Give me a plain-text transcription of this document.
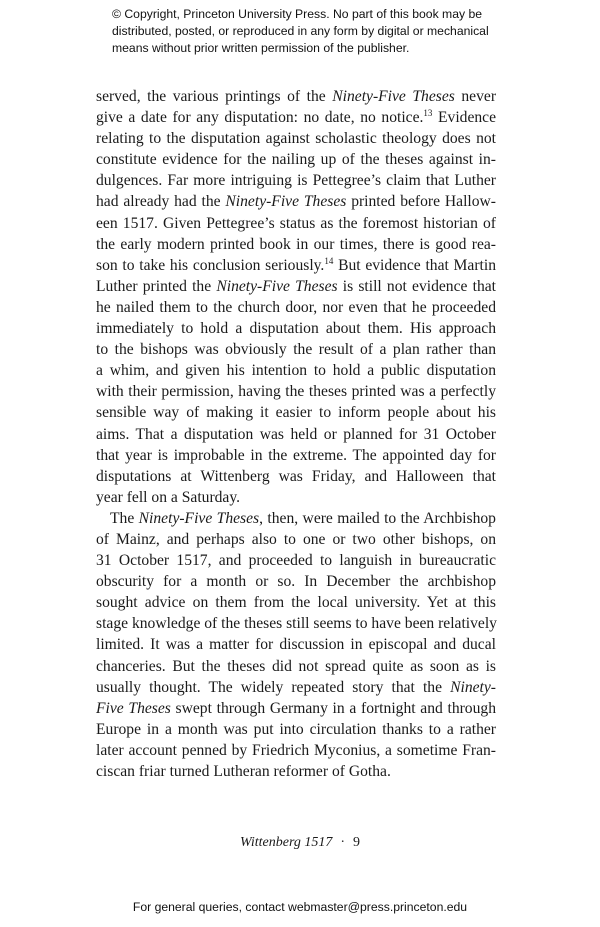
© Copyright, Princeton University Press. No part of this book may be
distributed, posted, or reproduced in any form by digital or mechanical
means without prior written permission of the publisher.
served, the various printings of the Ninety-Five Theses never
give a date for any disputation: no date, no notice.$^{13}$ Evidence
relating to the disputation against scholastic theology does not
constitute evidence for the nailing up of the theses against in-
dulgences. Far more intriguing is Pettegree’s claim that Luther
had already had the Ninety-Five Theses printed before Hallow-
een 1517. Given Pettegree’s status as the foremost historian of
the early modern printed book in our times, there is good rea-
son to take his conclusion seriously.$^{14}$ But evidence that Martin
Luther printed the Ninety-Five Theses is still not evidence that
he nailed them to the church door, nor even that he proceeded
immediately to hold a disputation about them. His approach
to the bishops was obviously the result of a plan rather than
a whim, and given his intention to hold a public disputation
with their permission, having the theses printed was a perfectly
sensible way of making it easier to inform people about his
aims. That a disputation was held or planned for 31 October
that year is improbable in the extreme. The appointed day for
disputations at Wittenberg was Friday, and Halloween that
year fell on a Saturday.
The Ninety-Five Theses, then, were mailed to the Archbishop
of Mainz, and perhaps also to one or two other bishops, on
31 October 1517, and proceeded to languish in bureaucratic
obscurity for a month or so. In December the archbishop
sought advice on them from the local university. Yet at this
stage knowledge of the theses still seems to have been relatively
limited. It was a matter for discussion in episcopal and ducal
chanceries. But the theses did not spread quite as soon as is
usually thought. The widely repeated story that the Ninety-
Five Theses swept through Germany in a fortnight and through
Europe in a month was put into circulation thanks to a rather
later account penned by Friedrich Myconius, a sometime Fran-
ciscan friar turned Lutheran reformer of Gotha.
Wittenberg 1517 · 9
For general queries, contact webmaster@press.princeton.edu
